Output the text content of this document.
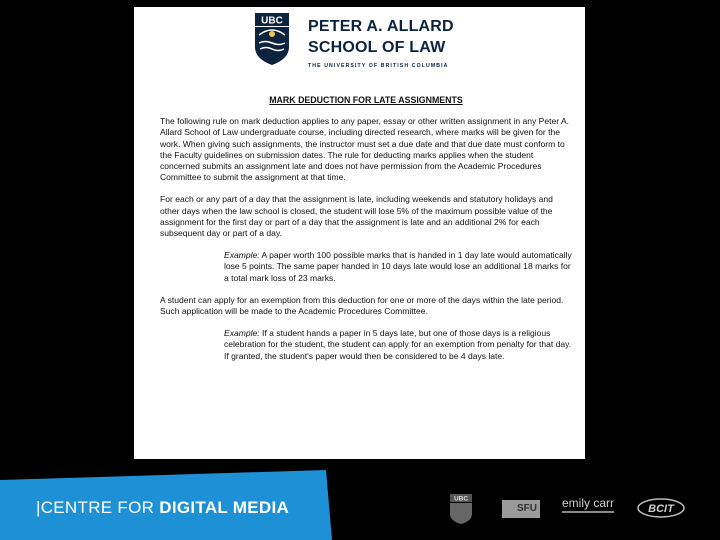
UBC PETER A. ALLARD
SCHOOL OF LAW
THE UNIVERSITY OF BRITISH COLUMBIA
MARK DEDUCTION FOR LATE ASSIGNMENTS

The following rule on mark deduction applies to any paper, essay or other written assignment in any Peter A. Allard School of Law undergraduate course, including directed research, where marks will be given for the work. When giving such assignments, the instructor must set a due date and that due date must conform to the Faculty guidelines on submission dates. The rule for deducting marks applies when the student concerned submits an assignment late and does not have permission from the Academic Procedures Committee to submit the assignment at that time.

For each or any part of a day that the assignment is late, including weekends and statutory holidays and other days when the law school is closed, the student will lose 5% of the maximum possible value of the assignment for the first day or part of a day that the assignment is late and an additional 2% for each subsequent day or part of a day.

Example: A paper worth 100 possible marks that is handed in 1 day late would automatically lose 5 points. The same paper handed in 10 days late would lose an additional 18 marks for a total mark loss of 23 marks.

A student can apply for an exemption from this deduction for one or more of the days within the late period. Such application will be made to the Academic Procedures Committee.

Example: If a student hands a paper in 5 days late, but one of those days is a religious celebration for the student, the student can apply for an exemption from penalty for that day. If granted, the student's paper would then be considered to be 4 days late.

|CENTRE FOR DIGITAL MEDIA	UBC
SFU emily carr	BCIT
